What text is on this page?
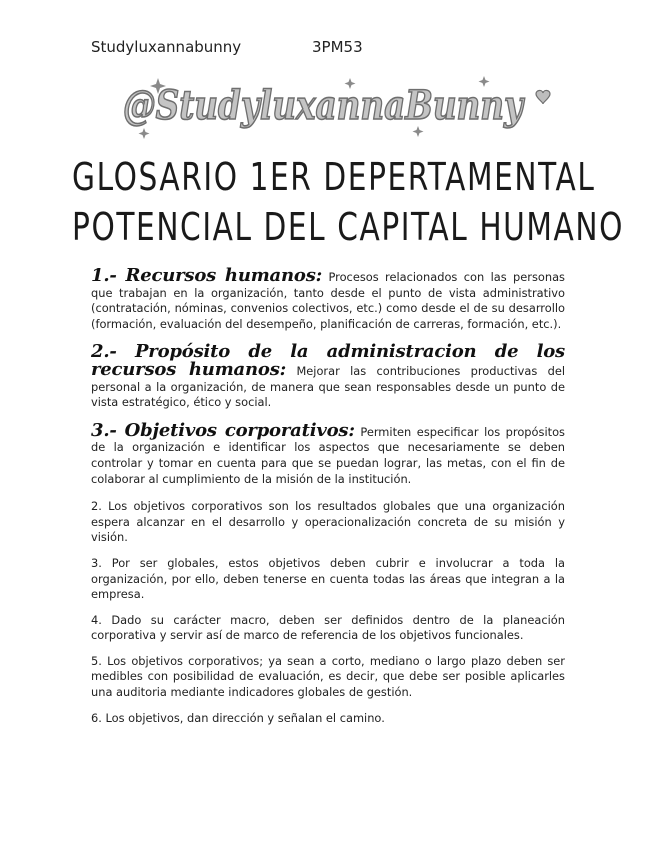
Studyluxannabunny	3PM53
@StudyluxannaBunny
GLOSARIO 1ER DEPERTAMENTAL
POTENCIAL DEL CAPITAL HUMANO
1.- Recursos humanos: Procesos relacionados con las personas que trabajan en la organización, tanto desde el punto de vista administrativo (contratación, nóminas, convenios colectivos, etc.) como desde el de su desarrollo (formación, evaluación del desempeño, planificación de carreras, formación, etc.).
2.- Propósito de la administracion de los recursos humanos: Mejorar las contribuciones productivas del personal a la organización, de manera que sean responsables desde un punto de vista estratégico, ético y social.
3.- Objetivos corporativos: Permiten especificar los propósitos de la organización e identificar los aspectos que necesariamente se deben controlar y tomar en cuenta para que se puedan lograr, las metas, con el fin de colaborar al cumplimiento de la misión de la institución.

2. Los objetivos corporativos son los resultados globales que una organización espera alcanzar en el desarrollo y operacionalización concreta de su misión y visión.

3. Por ser globales, estos objetivos deben cubrir e involucrar a toda la organización, por ello, deben tenerse en cuenta todas las áreas que integran a la empresa.

4. Dado su carácter macro, deben ser definidos dentro de la planeación corporativa y servir así de marco de referencia de los objetivos funcionales.

5. Los objetivos corporativos; ya sean a corto, mediano o largo plazo deben ser medibles con posibilidad de evaluación, es decir, que debe ser posible aplicarles una auditoria mediante indicadores globales de gestión.

6. Los objetivos, dan dirección y señalan el camino.
